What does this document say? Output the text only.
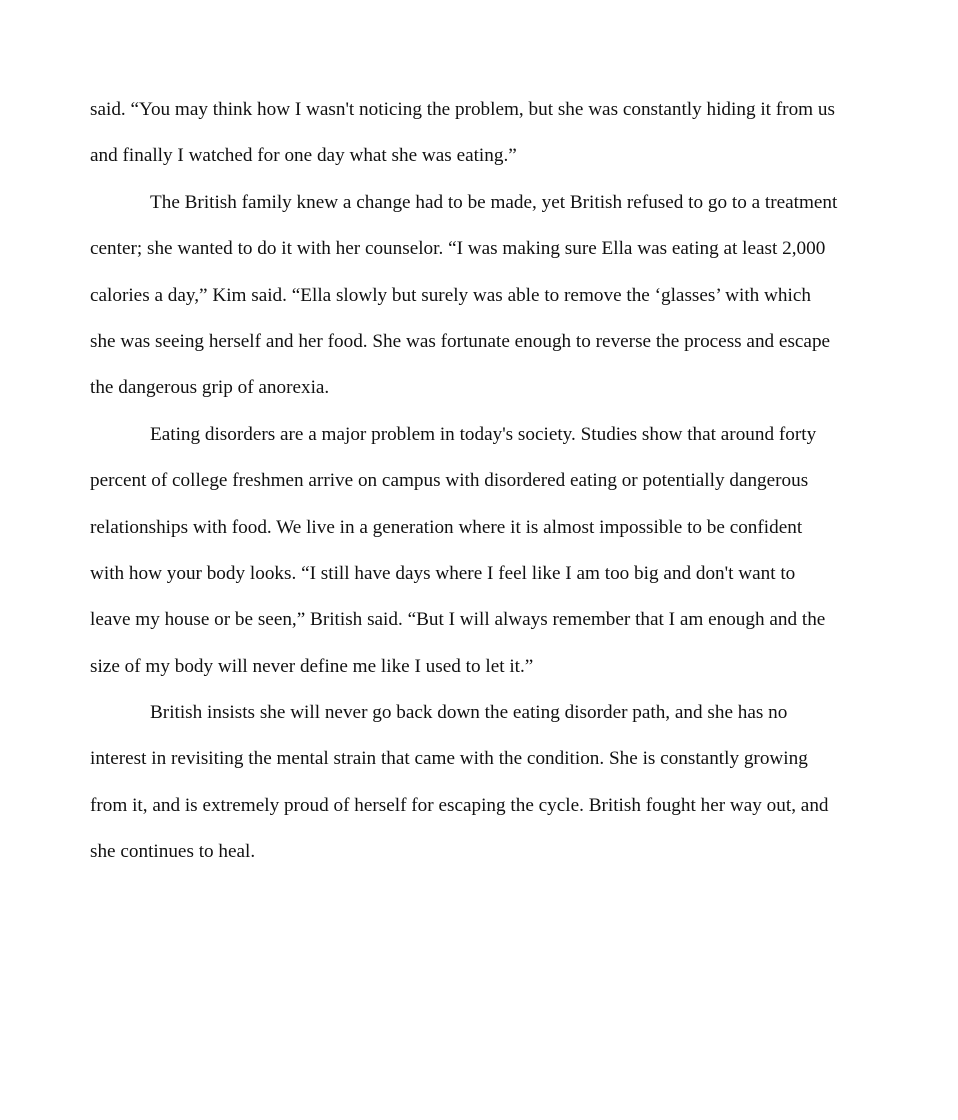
said. “You may think how I wasn't noticing the problem, but she was constantly hiding it from us
and finally I watched for one day what she was eating.”
The British family knew a change had to be made, yet British refused to go to a treatment
center; she wanted to do it with her counselor. “I was making sure Ella was eating at least 2,000
calories a day,” Kim said. “Ella slowly but surely was able to remove the ‘glasses’ with which
she was seeing herself and her food. She was fortunate enough to reverse the process and escape
the dangerous grip of anorexia.
Eating disorders are a major problem in today's society. Studies show that around forty
percent of college freshmen arrive on campus with disordered eating or potentially dangerous
relationships with food. We live in a generation where it is almost impossible to be confident
with how your body looks. “I still have days where I feel like I am too big and don't want to
leave my house or be seen,” British said. “But I will always remember that I am enough and the
size of my body will never define me like I used to let it.”
British insists she will never go back down the eating disorder path, and she has no
interest in revisiting the mental strain that came with the condition. She is constantly growing
from it, and is extremely proud of herself for escaping the cycle. British fought her way out, and
she continues to heal.
